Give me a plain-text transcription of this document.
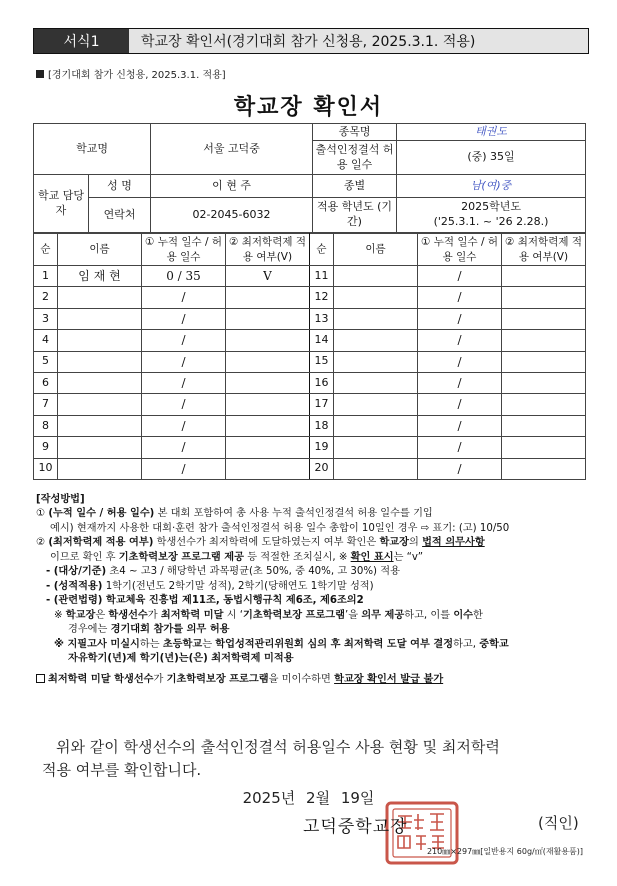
서식1	학교장 확인서(경기대회 참가 신청용, 2025.3.1. 적용)
[경기대회 참가 신청용, 2025.3.1. 적용]
학교장 확인서
학교명		서울 고덕중	종목명	태권도
			출석인정결석 허용 일수	(중) 35일

학교 담당자	성 명	이 현 주	종별	남(여)중
	연락처	02-2045-6032	적용 학년도 (기간)	2025학년도
('25.3.1. ~ '26 2.28.)
순	이름	① 누적 일수 / 허용 일수	② 최저학력제 적용 여부(V)	순	이름	① 누적 일수 / 허용 일수	② 최저학력제 적용 여부(V)
1	임 재 현	0 / 35	V	11		/	
2		/		12		/	
3		/		13		/	
4		/		14		/	
5		/		15		/	
6		/		16		/	
7		/		17		/	
8		/		18		/	
9		/		19		/	
10		/		20		/	

[작성방법]

① (누적 일수 / 허용 일수) 본 대회 포함하여 총 사용 누적 출석인정결석 허용 일수를 기입

예시) 현재까지 사용한 대회·훈련 참가 출석인정결석 허용 일수 총합이 10일인 경우 ⇨ 표기: (고) 10/50

② (최저학력제 적용 여부) 학생선수가 최저학력에 도달하였는지 여부 확인은 학교장의 법적 의무사항

이므로 확인 후 기초학력보장 프로그램 제공 등 적절한 조치실시, ※ 확인 표시는 “v”

- (대상/기준) 초4 ~ 고3 / 해당학년 과목평균(초 50%, 중 40%, 고 30%) 적용

- (성적적용) 1학기(전년도 2학기말 성적), 2학기(당해연도 1학기말 성적)

- (관련법령) 학교체육 진흥법 제11조, 동법시행규칙 제6조, 제6조의2

※ 학교장은 학생선수가 최저학력 미달 시 ‘기초학력보장 프로그램’을 의무 제공하고, 이를 이수한

경우에는 경기대회 참가를 의무 허용

※ 지필고사 미실시하는 초등학교는 학업성적관리위원회 심의 후 최저학력 도달 여부 결정하고, 중학교

자유학기(년)제 학기(년)는(은) 최저학력제 미적용

최저학력 미달 학생선수가 기초학력보장 프로그램을 미이수하면 학교장 확인서 발급 불가

위와 같이 학생선수의 출석인정결석 허용일수 사용 현황 및 최저학력
적용 여부를 확인합니다.
2025년 2월 19일
고덕중학교장	(직인)
210㎜×297㎜[일반용지 60g/㎡(재활용품)]
